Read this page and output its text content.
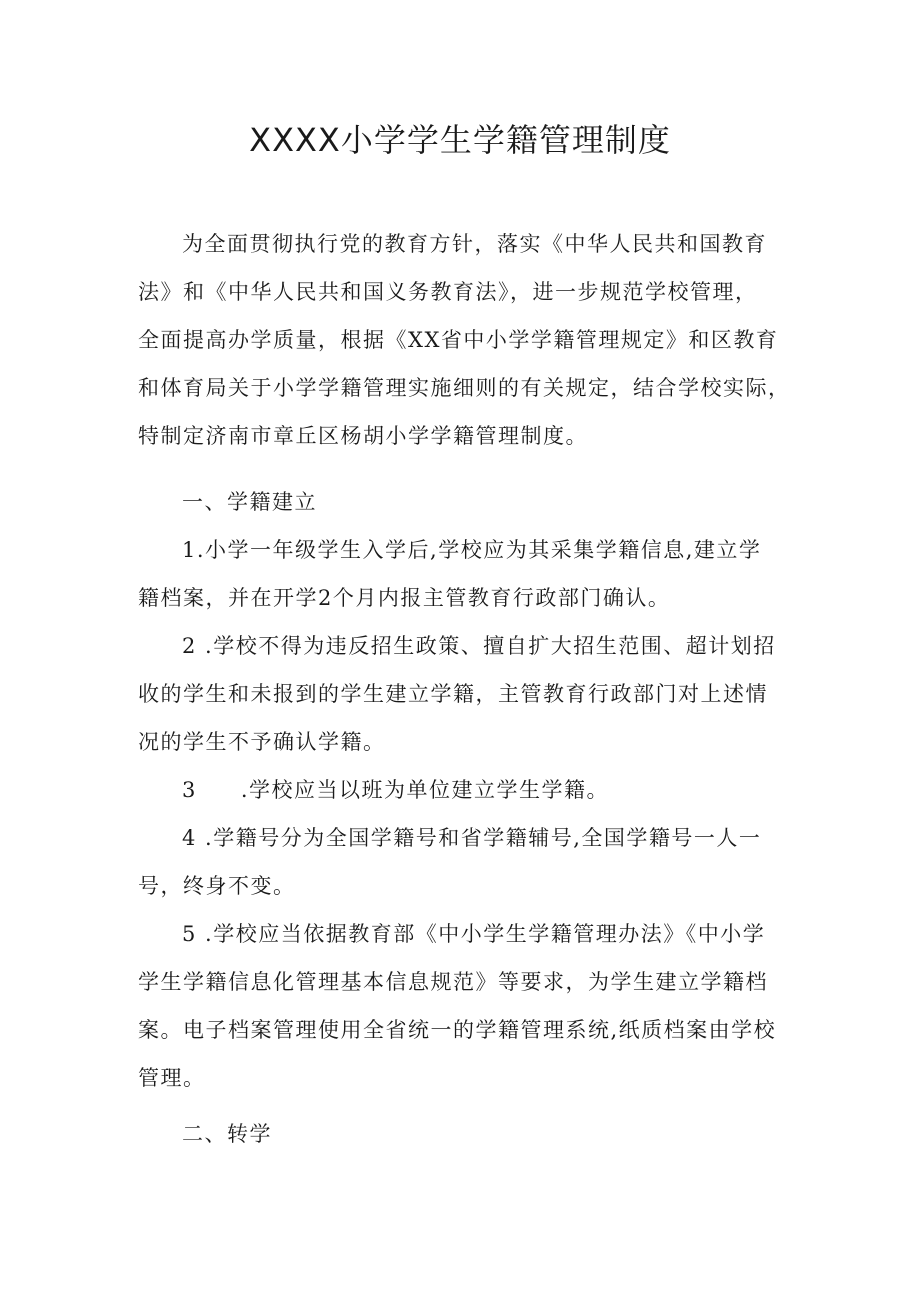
XXXX小学学生学籍管理制度
为全面贯彻执行党的教育方针，落实《中华人民共和国教育
法》和《中华人民共和国义务教育法》，进一步规范学校管理，
全面提高办学质量，根据《XX省中小学学籍管理规定》和区教育
和体育局关于小学学籍管理实施细则的有关规定，结合学校实际，
特制定济南市章丘区杨胡小学学籍管理制度。
一、学籍建立
1.小学一年级学生入学后,学校应为其采集学籍信息,建立学
籍档案，并在开学2个月内报主管教育行政部门确认。
2 .学校不得为违反招生政策、擅自扩大招生范围、超计划招
收的学生和未报到的学生建立学籍，主管教育行政部门对上述情
况的学生不予确认学籍。
3 .学校应当以班为单位建立学生学籍。
4 .学籍号分为全国学籍号和省学籍辅号,全国学籍号一人一
号，终身不变。
5 .学校应当依据教育部《中小学生学籍管理办法》《中小学
学生学籍信息化管理基本信息规范》等要求，为学生建立学籍档
案。电子档案管理使用全省统一的学籍管理系统,纸质档案由学校
管理。
二、转学
